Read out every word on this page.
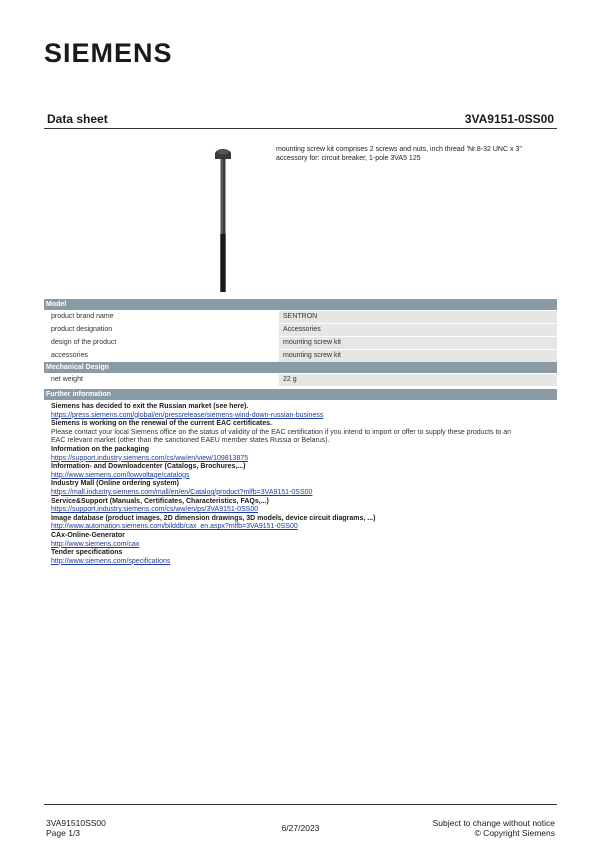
SIEMENS
Data sheet	3VA9151-0SS00
mounting screw kit comprises 2 screws and nuts, inch thread 'Nr.8-32 UNC x 3''
accessory for: circuit breaker, 1-pole 3VA5 125
Model
product brand name	SENTRON
product designation	Accessories
design of the product	mounting screw kit
accessories	mounting screw kit
Mechanical Design
net weight	22 g
Further information
Siemens has decided to exit the Russian market (see here).
https://press.siemens.com/global/en/pressrelease/siemens-wind-down-russian-business
Siemens is working on the renewal of the current EAC certificates.
Please contact your local Siemens office on the status of validity of the EAC certification if you intend to import or offer to supply these products to an
EAC relevant market (other than the sanctioned EAEU member states Russia or Belarus).
Information on the packaging
https://support.industry.siemens.com/cs/ww/en/view/109813875
Information- and Downloadcenter (Catalogs, Brochures,...)
http://www.siemens.com/lowvoltage/catalogs
Industry Mall (Online ordering system)
https://mall.industry.siemens.com/mall/en/en/Catalog/product?mlfb=3VA9151-0SS00
Service&Support (Manuals, Certificates, Characteristics, FAQs,...)
https://support.industry.siemens.com/cs/ww/en/ps/3VA9151-0SS00
Image database (product images, 2D dimension drawings, 3D models, device circuit diagrams, ...)
http://www.automation.siemens.com/bilddb/cax_en.aspx?mlfb=3VA9151-0SS00
CAx-Online-Generator
http://www.siemens.com/cax
Tender specifications
http://www.siemens.com/specifications
3VA91510SS00
Page 1/3	6/27/2023	Subject to change without notice
© Copyright Siemens
